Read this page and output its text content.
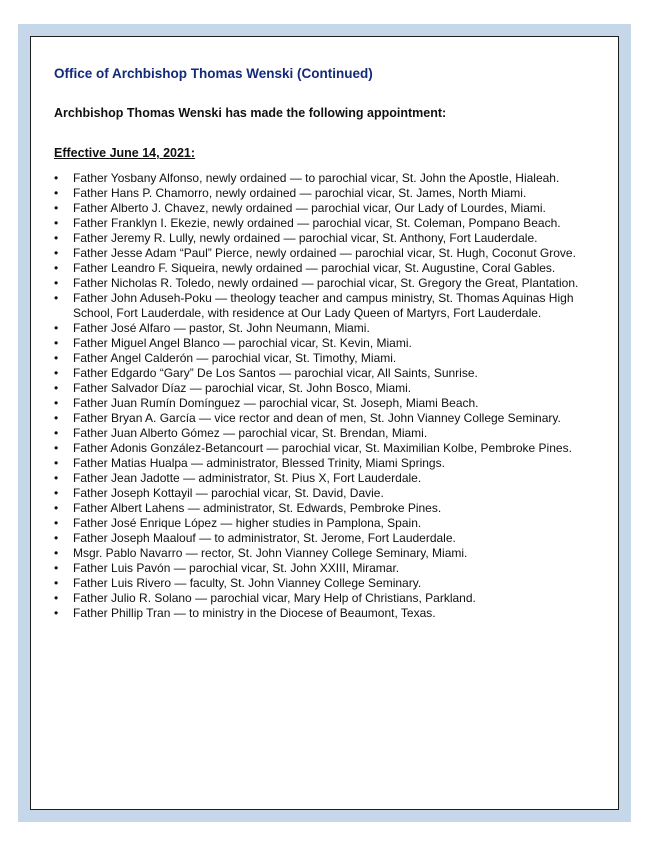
Office of Archbishop Thomas Wenski (Continued)

Archbishop Thomas Wenski has made the following appointment:

Effective June 14, 2021:

• Father Yosbany Alfonso, newly ordained — to parochial vicar, St. John the Apostle, Hialeah.
• Father Hans P. Chamorro, newly ordained — parochial vicar, St. James, North Miami.
• Father Alberto J. Chavez, newly ordained — parochial vicar, Our Lady of Lourdes, Miami.
• Father Franklyn I. Ekezie, newly ordained — parochial vicar, St. Coleman, Pompano Beach.
• Father Jeremy R. Lully, newly ordained — parochial vicar, St. Anthony, Fort Lauderdale.
• Father Jesse Adam “Paul” Pierce, newly ordained — parochial vicar, St. Hugh, Coconut Grove.
• Father Leandro F. Siqueira, newly ordained — parochial vicar, St. Augustine, Coral Gables.
• Father Nicholas R. Toledo, newly ordained — parochial vicar, St. Gregory the Great, Plantation.
• Father John Aduseh-Poku — theology teacher and campus ministry, St. Thomas Aquinas High School, Fort Lauderdale, with residence at Our Lady Queen of Martyrs, Fort Lauderdale.
• Father José Alfaro — pastor, St. John Neumann, Miami.
• Father Miguel Angel Blanco — parochial vicar, St. Kevin, Miami.
• Father Angel Calderón — parochial vicar, St. Timothy, Miami.
• Father Edgardo “Gary” De Los Santos — parochial vicar, All Saints, Sunrise.
• Father Salvador Díaz — parochial vicar, St. John Bosco, Miami.
• Father Juan Rumín Domínguez — parochial vicar, St. Joseph, Miami Beach.
• Father Bryan A. García — vice rector and dean of men, St. John Vianney College Seminary.
• Father Juan Alberto Gómez — parochial vicar, St. Brendan, Miami.
• Father Adonis González-Betancourt — parochial vicar, St. Maximilian Kolbe, Pembroke Pines.
• Father Matias Hualpa — administrator, Blessed Trinity, Miami Springs.
• Father Jean Jadotte — administrator, St. Pius X, Fort Lauderdale.
• Father Joseph Kottayil — parochial vicar, St. David, Davie.
• Father Albert Lahens — administrator, St. Edwards, Pembroke Pines.
• Father José Enrique López — higher studies in Pamplona, Spain.
• Father Joseph Maalouf — to administrator, St. Jerome, Fort Lauderdale.
• Msgr. Pablo Navarro — rector, St. John Vianney College Seminary, Miami.
• Father Luis Pavón — parochial vicar, St. John XXIII, Miramar.
• Father Luis Rivero — faculty, St. John Vianney College Seminary.
• Father Julio R. Solano — parochial vicar, Mary Help of Christians, Parkland.
• Father Phillip Tran — to ministry in the Diocese of Beaumont, Texas.
